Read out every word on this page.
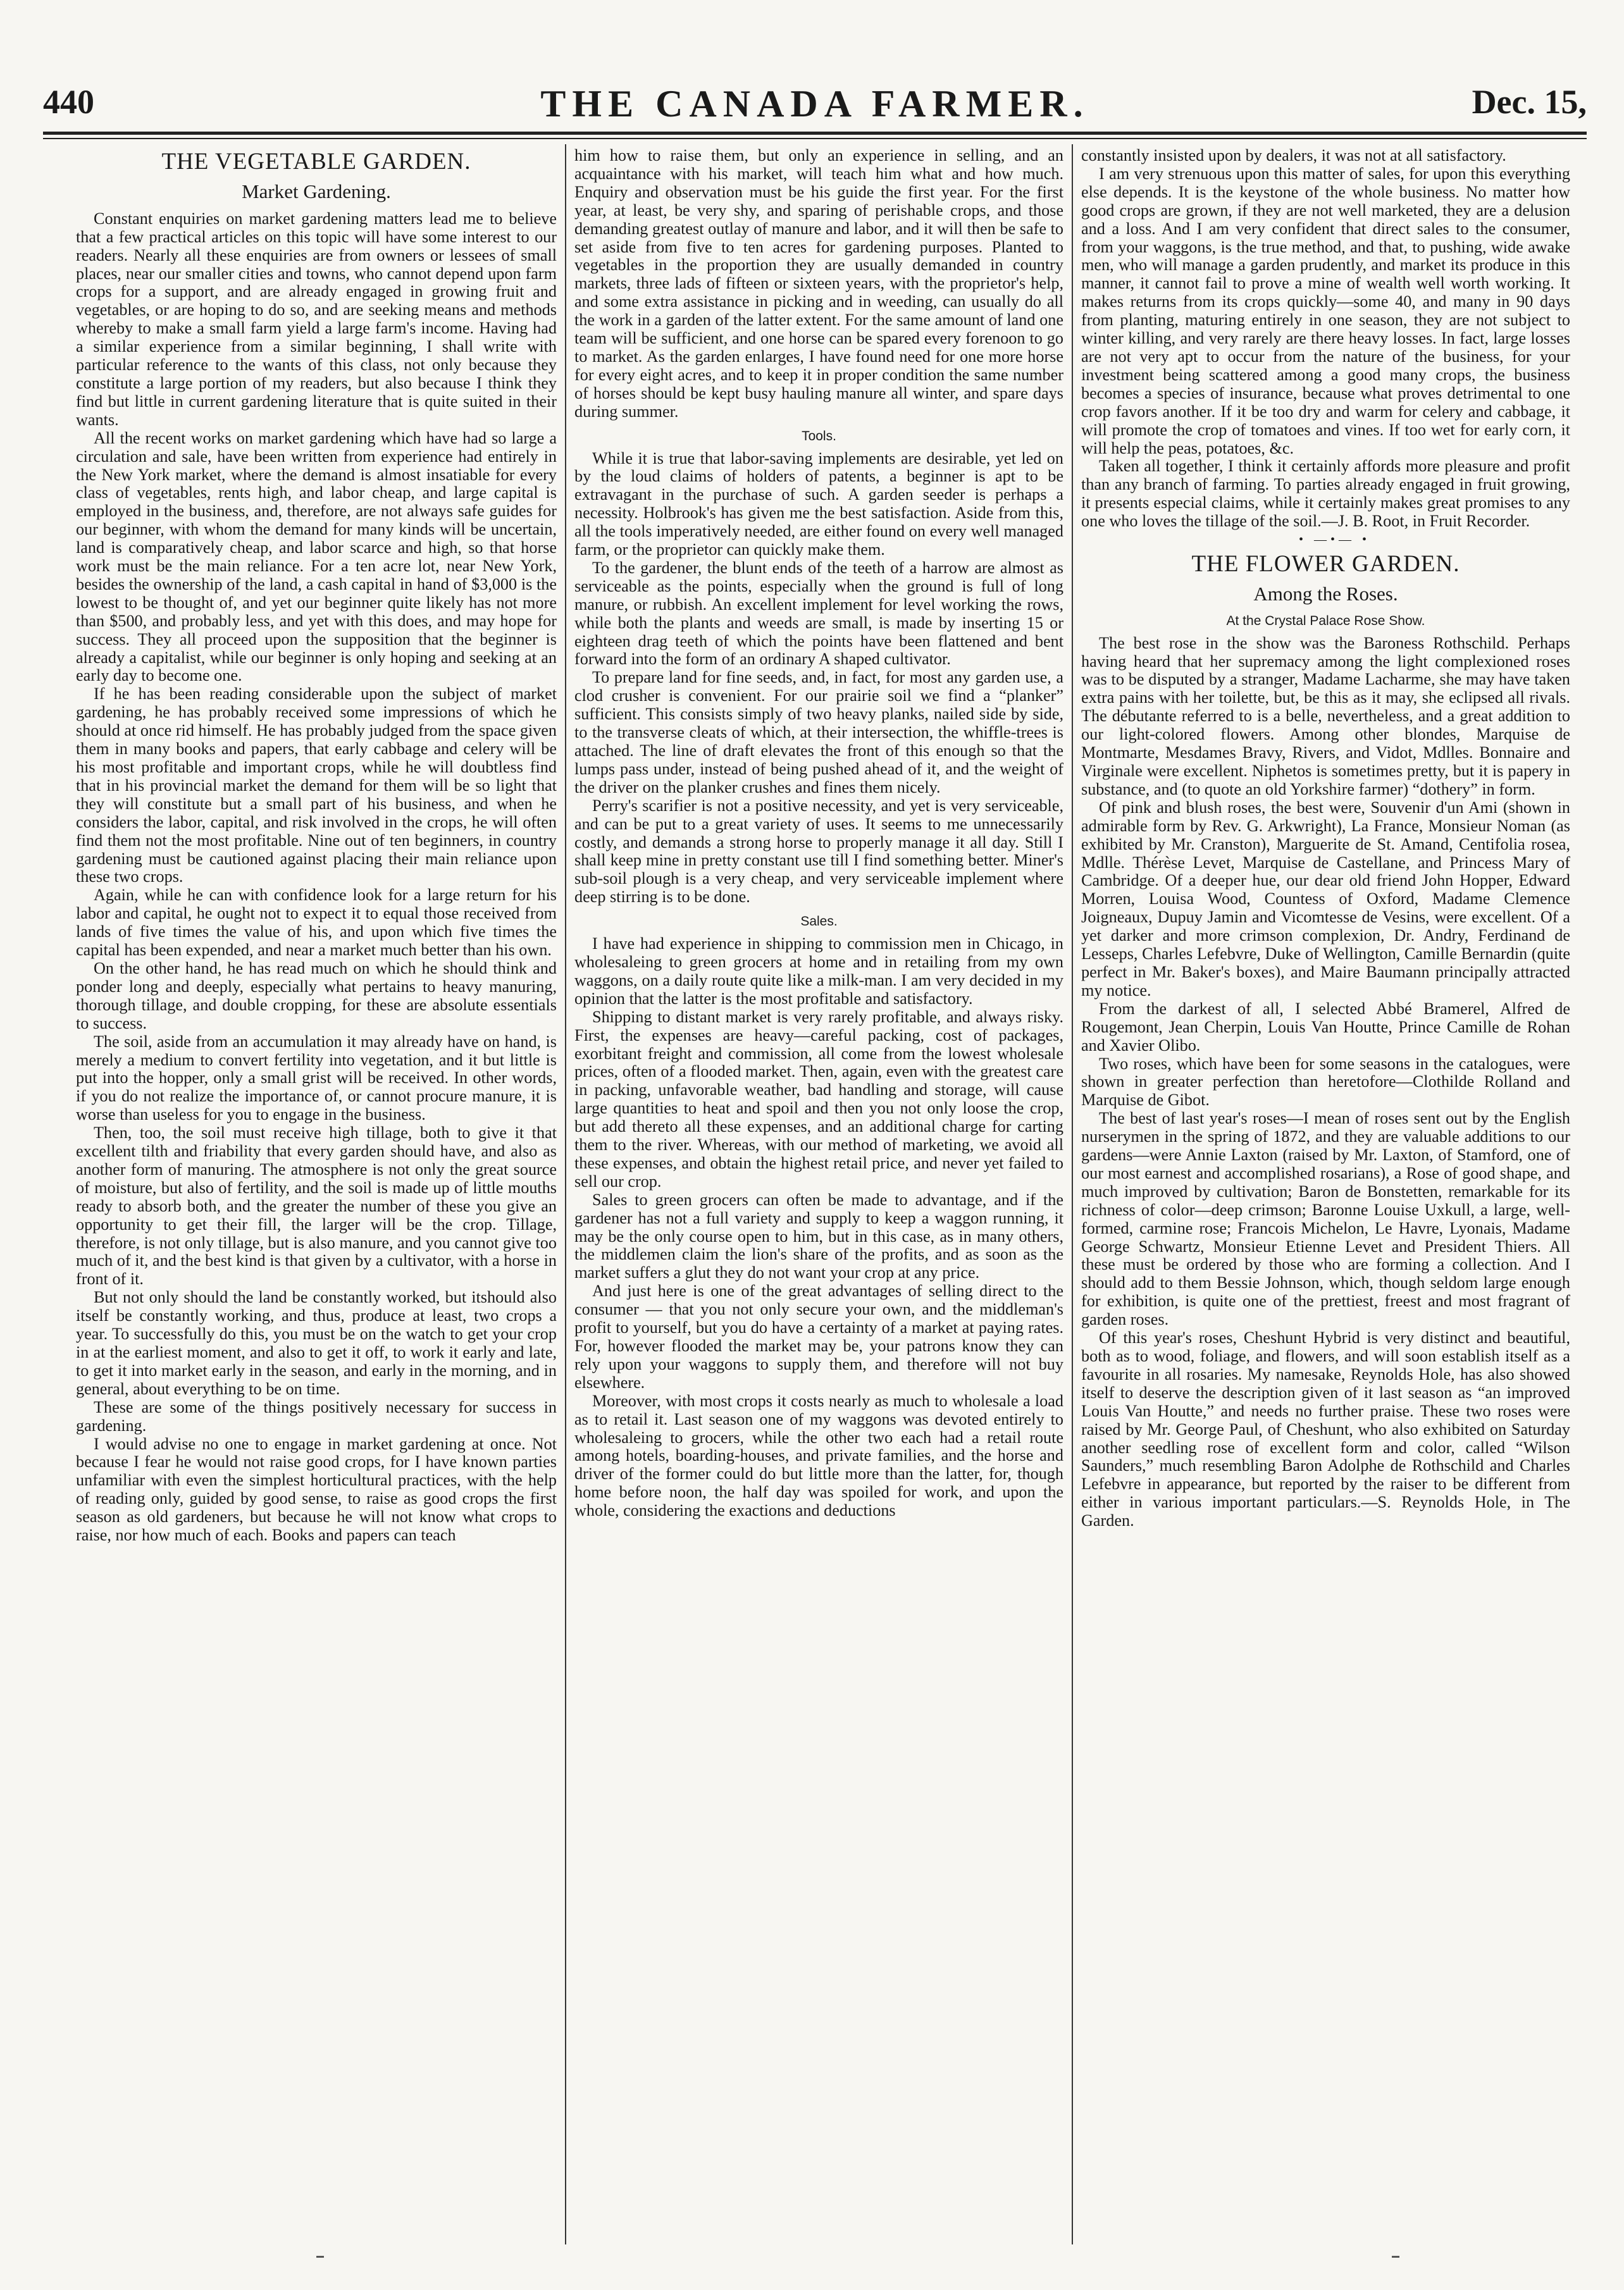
440	THE CANADA FARMER.	Dec. 15,
THE VEGETABLE GARDEN.
Market Gardening.

Constant enquiries on market gardening matters lead me to believe that a few practical articles on this topic will have some interest to our readers. Nearly all these enquiries are from owners or lessees of small places, near our smaller cities and towns, who cannot depend upon farm crops for a support, and are already engaged in growing fruit and vegetables, or are hoping to do so, and are seeking means and methods whereby to make a small farm yield a large farm's income. Having had a similar experience from a similar beginning, I shall write with particular reference to the wants of this class, not only because they constitute a large portion of my readers, but also because I think they find but little in current gardening literature that is quite suited in their wants.

All the recent works on market gardening which have had so large a circulation and sale, have been written from experience had entirely in the New York market, where the demand is almost insatiable for every class of vegetables, rents high, and labor cheap, and large capital is employed in the business, and, therefore, are not always safe guides for our beginner, with whom the demand for many kinds will be uncertain, land is comparatively cheap, and labor scarce and high, so that horse work must be the main reliance. For a ten acre lot, near New York, besides the ownership of the land, a cash capital in hand of $3,000 is the lowest to be thought of, and yet our beginner quite likely has not more than $500, and probably less, and yet with this does, and may hope for success. They all proceed upon the supposition that the beginner is already a capitalist, while our beginner is only hoping and seeking at an early day to become one.

If he has been reading considerable upon the subject of market gardening, he has probably received some impressions of which he should at once rid himself. He has probably judged from the space given them in many books and papers, that early cabbage and celery will be his most profitable and important crops, while he will doubtless find that in his provincial market the demand for them will be so light that they will constitute but a small part of his business, and when he considers the labor, capital, and risk involved in the crops, he will often find them not the most profitable. Nine out of ten beginners, in country gardening must be cautioned against placing their main reliance upon these two crops.

Again, while he can with confidence look for a large return for his labor and capital, he ought not to expect it to equal those received from lands of five times the value of his, and upon which five times the capital has been expended, and near a market much better than his own.

On the other hand, he has read much on which he should think and ponder long and deeply, especially what pertains to heavy manuring, thorough tillage, and double cropping, for these are absolute essentials to success.

The soil, aside from an accumulation it may already have on hand, is merely a medium to convert fertility into vegetation, and it but little is put into the hopper, only a small grist will be received. In other words, if you do not realize the importance of, or cannot procure manure, it is worse than useless for you to engage in the business.

Then, too, the soil must receive high tillage, both to give it that excellent tilth and friability that every garden should have, and also as another form of manuring. The atmosphere is not only the great source of moisture, but also of fertility, and the soil is made up of little mouths ready to absorb both, and the greater the number of these you give an opportunity to get their fill, the larger will be the crop. Tillage, therefore, is not only tillage, but is also manure, and you cannot give too much of it, and the best kind is that given by a cultivator, with a horse in front of it.

But not only should the land be constantly worked, but itshould also itself be constantly working, and thus, produce at least, two crops a year. To successfully do this, you must be on the watch to get your crop in at the earliest moment, and also to get it off, to work it early and late, to get it into market early in the season, and early in the morning, and in general, about everything to be on time.

These are some of the things positively necessary for success in gardening.

I would advise no one to engage in market gardening at once. Not because I fear he would not raise good crops, for I have known parties unfamiliar with even the simplest horticultural practices, with the help of reading only, guided by good sense, to raise as good crops the first season as old gardeners, but because he will not know what crops to raise, nor how much of each. Books and papers can teach

him how to raise them, but only an experience in selling, and an acquaintance with his market, will teach him what and how much. Enquiry and observation must be his guide the first year. For the first year, at least, be very shy, and sparing of perishable crops, and those demanding greatest outlay of manure and labor, and it will then be safe to set aside from five to ten acres for gardening purposes. Planted to vegetables in the proportion they are usually demanded in country markets, three lads of fifteen or sixteen years, with the proprietor's help, and some extra assistance in picking and in weeding, can usually do all the work in a garden of the latter extent. For the same amount of land one team will be sufficient, and one horse can be spared every forenoon to go to market. As the garden enlarges, I have found need for one more horse for every eight acres, and to keep it in proper condition the same number of horses should be kept busy hauling manure all winter, and spare days during summer.

Tools.

While it is true that labor-saving implements are desirable, yet led on by the loud claims of holders of patents, a beginner is apt to be extravagant in the purchase of such. A garden seeder is perhaps a necessity. Holbrook's has given me the best satisfaction. Aside from this, all the tools imperatively needed, are either found on every well managed farm, or the proprietor can quickly make them.

To the gardener, the blunt ends of the teeth of a harrow are almost as serviceable as the points, especially when the ground is full of long manure, or rubbish. An excellent implement for level working the rows, while both the plants and weeds are small, is made by inserting 15 or eighteen drag teeth of which the points have been flattened and bent forward into the form of an ordinary A shaped cultivator.

To prepare land for fine seeds, and, in fact, for most any garden use, a clod crusher is convenient. For our prairie soil we find a “planker” sufficient. This consists simply of two heavy planks, nailed side by side, to the transverse cleats of which, at their intersection, the whiffle-trees is attached. The line of draft elevates the front of this enough so that the lumps pass under, instead of being pushed ahead of it, and the weight of the driver on the planker crushes and fines them nicely.

Perry's scarifier is not a positive necessity, and yet is very serviceable, and can be put to a great variety of uses. It seems to me unnecessarily costly, and demands a strong horse to properly manage it all day. Still I shall keep mine in pretty constant use till I find something better. Miner's sub-soil plough is a very cheap, and very serviceable implement where deep stirring is to be done.

Sales.

I have had experience in shipping to commission men in Chicago, in wholesaleing to green grocers at home and in retailing from my own waggons, on a daily route quite like a milk-man. I am very decided in my opinion that the latter is the most profitable and satisfactory.

Shipping to distant market is very rarely profitable, and always risky. First, the expenses are heavy—careful packing, cost of packages, exorbitant freight and commission, all come from the lowest wholesale prices, often of a flooded market. Then, again, even with the greatest care in packing, unfavorable weather, bad handling and storage, will cause large quantities to heat and spoil and then you not only loose the crop, but add thereto all these expenses, and an additional charge for carting them to the river. Whereas, with our method of marketing, we avoid all these expenses, and obtain the highest retail price, and never yet failed to sell our crop.

Sales to green grocers can often be made to advantage, and if the gardener has not a full variety and supply to keep a waggon running, it may be the only course open to him, but in this case, as in many others, the middlemen claim the lion's share of the profits, and as soon as the market suffers a glut they do not want your crop at any price.

And just here is one of the great advantages of selling direct to the consumer — that you not only secure your own, and the middleman's profit to yourself, but you do have a certainty of a market at paying rates. For, however flooded the market may be, your patrons know they can rely upon your waggons to supply them, and therefore will not buy elsewhere.

Moreover, with most crops it costs nearly as much to wholesale a load as to retail it. Last season one of my waggons was devoted entirely to wholesaleing to grocers, while the other two each had a retail route among hotels, boarding-houses, and private families, and the horse and driver of the former could do but little more than the latter, for, though home before noon, the half day was spoiled for work, and upon the whole, considering the exactions and deductions

constantly insisted upon by dealers, it was not at all satisfactory.

I am very strenuous upon this matter of sales, for upon this everything else depends. It is the keystone of the whole business. No matter how good crops are grown, if they are not well marketed, they are a delusion and a loss. And I am very confident that direct sales to the consumer, from your waggons, is the true method, and that, to pushing, wide awake men, who will manage a garden prudently, and market its produce in this manner, it cannot fail to prove a mine of wealth well worth working. It makes returns from its crops quickly—some 40, and many in 90 days from planting, maturing entirely in one season, they are not subject to winter killing, and very rarely are there heavy losses. In fact, large losses are not very apt to occur from the nature of the business, for your investment being scattered among a good many crops, the business becomes a species of insurance, because what proves detrimental to one crop favors another. If it be too dry and warm for celery and cabbage, it will promote the crop of tomatoes and vines. If too wet for early corn, it will help the peas, potatoes, &c.

Taken all together, I think it certainly affords more pleasure and profit than any branch of farming. To parties already engaged in fruit growing, it presents especial claims, while it certainly makes great promises to any one who loves the tillage of the soil.—J. B. Root, in Fruit Recorder.

• —•— •

THE FLOWER GARDEN.
Among the Roses.
At the Crystal Palace Rose Show.

The best rose in the show was the Baroness Rothschild. Perhaps having heard that her supremacy among the light complexioned roses was to be disputed by a stranger, Madame Lacharme, she may have taken extra pains with her toilette, but, be this as it may, she eclipsed all rivals. The débutante referred to is a belle, nevertheless, and a great addition to our light-colored flowers. Among other blondes, Marquise de Montmarte, Mesdames Bravy, Rivers, and Vidot, Mdlles. Bonnaire and Virginale were excellent. Niphetos is sometimes pretty, but it is papery in substance, and (to quote an old Yorkshire farmer) “dothery” in form.

Of pink and blush roses, the best were, Souvenir d'un Ami (shown in admirable form by Rev. G. Arkwright), La France, Monsieur Noman (as exhibited by Mr. Cranston), Marguerite de St. Amand, Centifolia rosea, Mdlle. Thérèse Levet, Marquise de Castellane, and Princess Mary of Cambridge. Of a deeper hue, our dear old friend John Hopper, Edward Morren, Louisa Wood, Countess of Oxford, Madame Clemence Joigneaux, Dupuy Jamin and Vicomtesse de Vesins, were excellent. Of a yet darker and more crimson complexion, Dr. Andry, Ferdinand de Lesseps, Charles Lefebvre, Duke of Wellington, Camille Bernardin (quite perfect in Mr. Baker's boxes), and Maire Baumann principally attracted my notice.

From the darkest of all, I selected Abbé Bramerel, Alfred de Rougemont, Jean Cherpin, Louis Van Houtte, Prince Camille de Rohan and Xavier Olibo.

Two roses, which have been for some seasons in the catalogues, were shown in greater perfection than heretofore—Clothilde Rolland and Marquise de Gibot.

The best of last year's roses—I mean of roses sent out by the English nurserymen in the spring of 1872, and they are valuable additions to our gardens—were Annie Laxton (raised by Mr. Laxton, of Stamford, one of our most earnest and accomplished rosarians), a Rose of good shape, and much improved by cultivation; Baron de Bonstetten, remarkable for its richness of color—deep crimson; Baronne Louise Uxkull, a large, well-formed, carmine rose; Francois Michelon, Le Havre, Lyonais, Madame George Schwartz, Monsieur Etienne Levet and President Thiers. All these must be ordered by those who are forming a collection. And I should add to them Bessie Johnson, which, though seldom large enough for exhibition, is quite one of the prettiest, freest and most fragrant of garden roses.

Of this year's roses, Cheshunt Hybrid is very distinct and beautiful, both as to wood, foliage, and flowers, and will soon establish itself as a favourite in all rosaries. My namesake, Reynolds Hole, has also showed itself to deserve the description given of it last season as “an improved Louis Van Houtte,” and needs no further praise. These two roses were raised by Mr. George Paul, of Cheshunt, who also exhibited on Saturday another seedling rose of excellent form and color, called “Wilson Saunders,” much resembling Baron Adolphe de Rothschild and Charles Lefebvre in appearance, but reported by the raiser to be different from either in various important particulars.—S. Reynolds Hole, in The Garden.
